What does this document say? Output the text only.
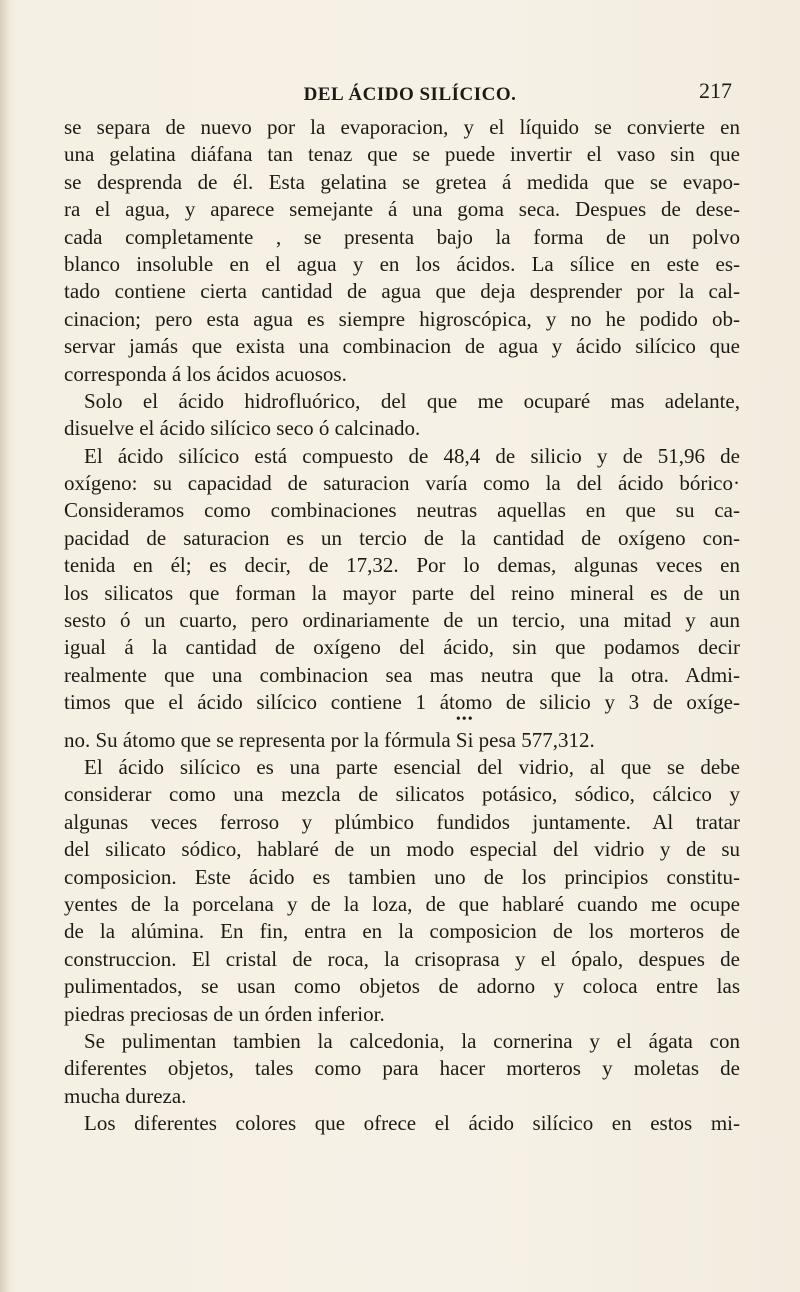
DEL ÁCIDO SILÍCICO.	217
se separa de nuevo por la evaporacion, y el líquido se convierte en
una gelatina diáfana tan tenaz que se puede invertir el vaso sin que
se desprenda de él. Esta gelatina se gretea á medida que se evapo-
ra el agua, y aparece semejante á una goma seca. Despues de dese-
cada completamente , se presenta bajo la forma de un polvo
blanco insoluble en el agua y en los ácidos. La sílice en este es-
tado contiene cierta cantidad de agua que deja desprender por la cal-
cinacion; pero esta agua es siempre higroscópica, y no he podido ob-
servar jamás que exista una combinacion de agua y ácido silícico que
corresponda á los ácidos acuosos.
Solo el ácido hidrofluórico, del que me ocuparé mas adelante,
disuelve el ácido silícico seco ó calcinado.
El ácido silícico está compuesto de 48,4 de silicio y de 51,96 de
oxígeno: su capacidad de saturacion varía como la del ácido bórico·
Consideramos como combinaciones neutras aquellas en que su ca-
pacidad de saturacion es un tercio de la cantidad de oxígeno con-
tenida en él; es decir, de 17,32. Por lo demas, algunas veces en
los silicatos que forman la mayor parte del reino mineral es de un
sesto ó un cuarto, pero ordinariamente de un tercio, una mitad y aun
igual á la cantidad de oxígeno del ácido, sin que podamos decir
realmente que una combinacion sea mas neutra que la otra. Admi-
timos que el ácido silícico contiene 1 átomo de silicio y 3 de oxíge-
no. Su átomo que se representa por la fórmula
•••
Si pesa 577,312.
El ácido silícico es una parte esencial del vidrio, al que se debe
considerar como una mezcla de silicatos potásico, sódico, cálcico y
algunas veces ferroso y plúmbico fundidos juntamente. Al tratar
del silicato sódico, hablaré de un modo especial del vidrio y de su
composicion. Este ácido es tambien uno de los principios constitu-
yentes de la porcelana y de la loza, de que hablaré cuando me ocupe
de la alúmina. En fin, entra en la composicion de los morteros de
construccion. El cristal de roca, la crisoprasa y el ópalo, despues de
pulimentados, se usan como objetos de adorno y coloca entre las
piedras preciosas de un órden inferior.
Se pulimentan tambien la calcedonia, la cornerina y el ágata con
diferentes objetos, tales como para hacer morteros y moletas de
mucha dureza.
Los diferentes colores que ofrece el ácido silícico en estos mi-
